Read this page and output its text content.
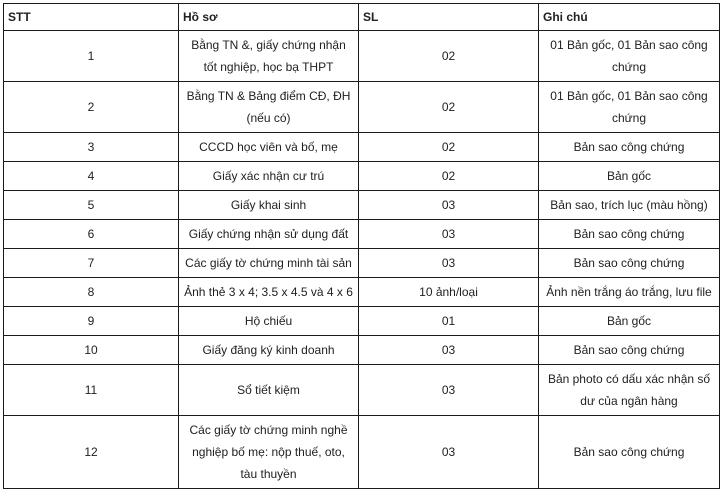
STT	Hồ sơ	SL	Ghi chú
1	Bằng TN &, giấy chứng nhận tốt nghiệp, học bạ THPT	02	01 Bản gốc, 01 Bản sao công chứng
2	Bằng TN & Bảng điểm CĐ, ĐH (nếu có)	02	01 Bản gốc, 01 Bản sao công chứng
3	CCCD học viên và bố, mẹ	02	Bản sao công chứng
4	Giấy xác nhận cư trú	02	Bản gốc
5	Giấy khai sinh	03	Bản sao, trích lục (màu hồng)
6	Giấy chứng nhận sử dụng đất	03	Bản sao công chứng
7	Các giấy tờ chứng minh tài sản	03	Bản sao công chứng
8	Ảnh thẻ 3 x 4; 3.5 x 4.5 và 4 x 6	10 ảnh/loại	Ảnh nền trắng áo trắng, lưu file
9	Hộ chiếu	01	Bản gốc
10	Giấy đăng ký kinh doanh	03	Bản sao công chứng
11	Sổ tiết kiệm	03	Bản photo có dấu xác nhận số dư của ngân hàng
12	Các giấy tờ chứng minh nghề nghiệp bố mẹ: nộp thuế, oto, tàu thuyền	03	Bản sao công chứng
